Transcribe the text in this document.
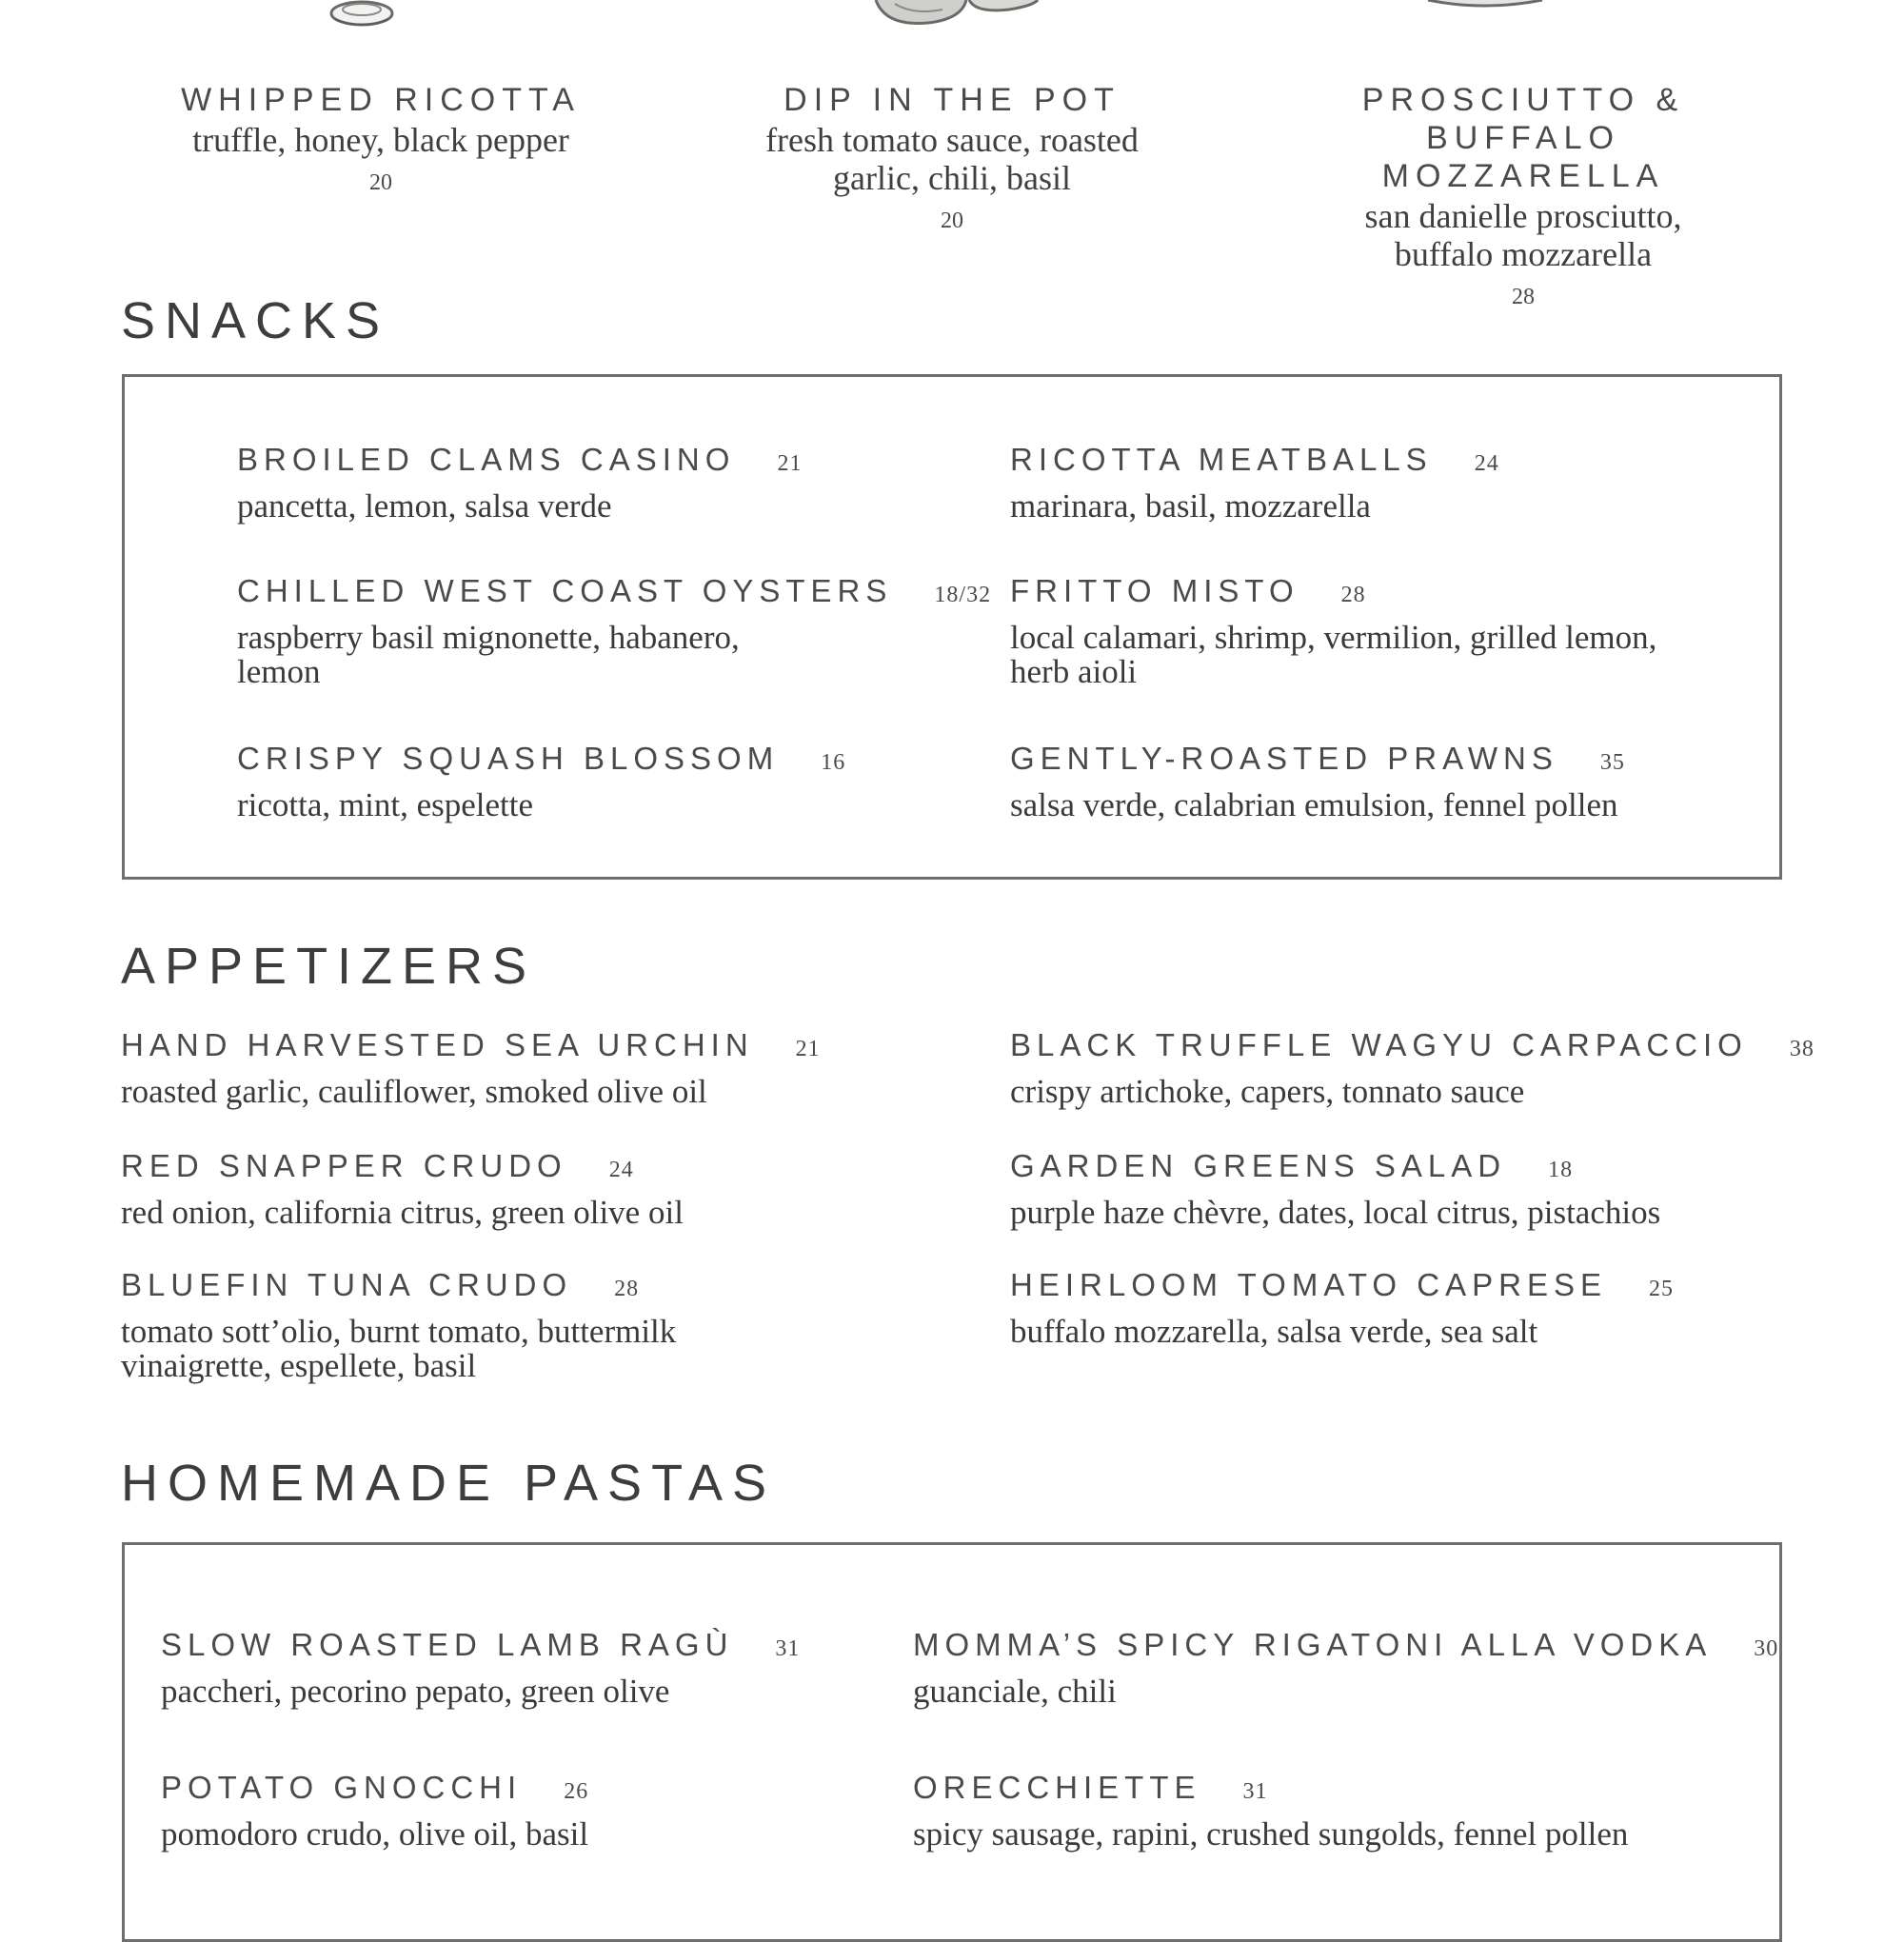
WHIPPED RICOTTA
truffle, honey, black pepper
20
DIP IN THE POT
fresh tomato sauce, roasted garlic, chili, basil
20
PROSCIUTTO & BUFFALO MOZZARELLA
san danielle prosciutto, buffalo mozzarella
28
SNACKS
BROILED CLAMS CASINO 21
pancetta, lemon, salsa verde
RICOTTA MEATBALLS 24
marinara, basil, mozzarella
CHILLED WEST COAST OYSTERS 18/32
raspberry basil mignonette, habanero, lemon
FRITTO MISTO 28
local calamari, shrimp, vermilion, grilled lemon, herb aioli
CRISPY SQUASH BLOSSOM 16
ricotta, mint, espelette
GENTLY-ROASTED PRAWNS 35
salsa verde, calabrian emulsion, fennel pollen
APPETIZERS
HAND HARVESTED SEA URCHIN 21
roasted garlic, cauliflower, smoked olive oil
BLACK TRUFFLE WAGYU CARPACCIO 38
crispy artichoke, capers, tonnato sauce
RED SNAPPER CRUDO 24
red onion, california citrus, green olive oil
GARDEN GREENS SALAD 18
purple haze chèvre, dates, local citrus, pistachios
BLUEFIN TUNA CRUDO 28
tomato sott’olio, burnt tomato, buttermilk vinaigrette, espellete, basil
HEIRLOOM TOMATO CAPRESE 25
buffalo mozzarella, salsa verde, sea salt
HOMEMADE PASTAS
SLOW ROASTED LAMB RAGÙ 31
paccheri, pecorino pepato, green olive
MOMMA’S SPICY RIGATONI ALLA VODKA 30
guanciale, chili
POTATO GNOCCHI 26
pomodoro crudo, olive oil, basil
ORECCHIETTE 31
spicy sausage, rapini, crushed sungolds, fennel pollen
